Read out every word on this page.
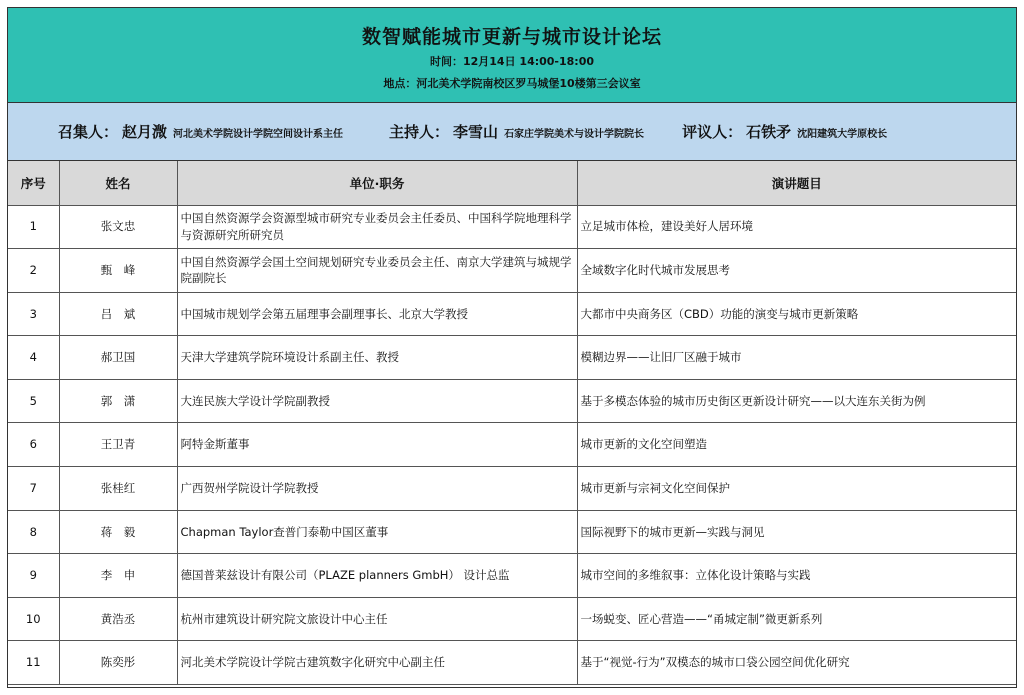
数智赋能城市更新与城市设计论坛
时间：12月14日 14:00-18:00
地点：河北美术学院南校区罗马城堡10楼第三会议室
召集人： 赵月溦 河北美术学院设计学院空间设计系主任	主持人： 李雪山 石家庄学院美术与设计学院院长	评议人： 石铁矛 沈阳建筑大学原校长
序号	姓名	单位·职务	演讲题目
1	张文忠	中国自然资源学会资源型城市研究专业委员会主任委员、中国科学院地理科学与资源研究所研究员	立足城市体检，建设美好人居环境
2	甄　峰	中国自然资源学会国土空间规划研究专业委员会主任、南京大学建筑与城规学院副院长	全域数字化时代城市发展思考
3	吕　斌	中国城市规划学会第五届理事会副理事长、北京大学教授	大都市中央商务区（CBD）功能的演变与城市更新策略
4	郝卫国	天津大学建筑学院环境设计系副主任、教授	模糊边界——让旧厂区融于城市
5	郭　潇	大连民族大学设计学院副教授	基于多模态体验的城市历史街区更新设计研究——以大连东关街为例
6	王卫青	阿特金斯董事	城市更新的文化空间塑造
7	张桂红	广西贺州学院设计学院教授	城市更新与宗祠文化空间保护
8	蒋　毅	Chapman Taylor查普门泰勒中国区董事	国际视野下的城市更新—实践与洞见
9	李　申	德国普莱兹设计有限公司（PLAZE planners GmbH） 设计总监	城市空间的多维叙事：立体化设计策略与实践
10	黄浩丞	杭州市建筑设计研究院文旅设计中心主任	一场蜕变、匠心营造——“甬城定制”微更新系列
11	陈奕彤	河北美术学院设计学院古建筑数字化研究中心副主任	基于“视觉-行为”双模态的城市口袋公园空间优化研究
